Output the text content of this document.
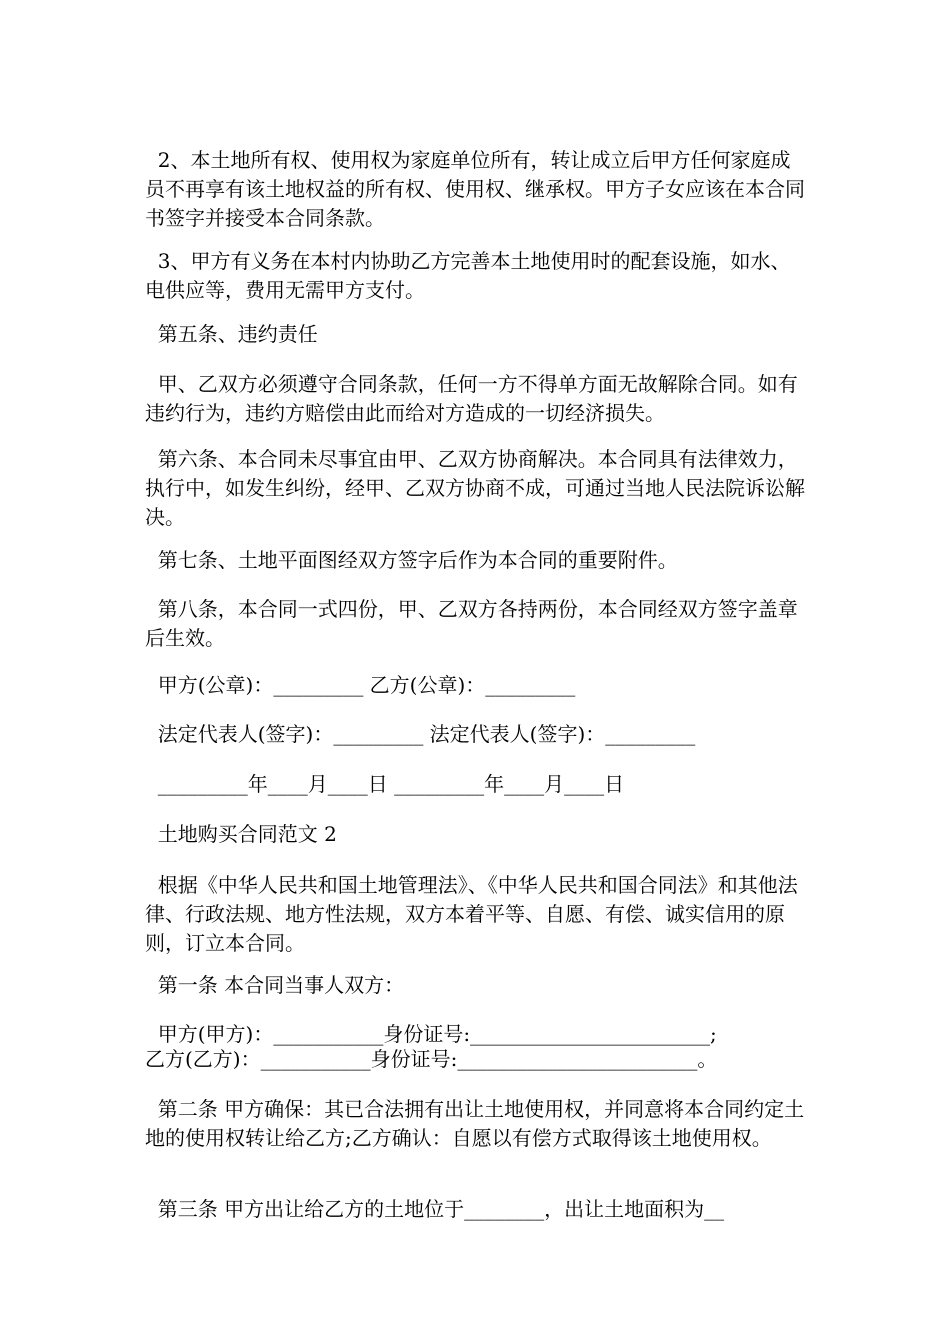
2、本土地所有权、使用权为家庭单位所有，转让成立后甲方任何家庭成员不再享有该土地权益的所有权、使用权、继承权。甲方子女应该在本合同书签字并接受本合同条款。

3、甲方有义务在本村内协助乙方完善本土地使用时的配套设施，如水、电供应等，费用无需甲方支付。

第五条、违约责任

甲、乙双方必须遵守合同条款，任何一方不得单方面无故解除合同。如有违约行为，违约方赔偿由此而给对方造成的一切经济损失。

第六条、本合同未尽事宜由甲、乙双方协商解决。本合同具有法律效力，执行中，如发生纠纷，经甲、乙双方协商不成，可通过当地人民法院诉讼解决。

第七条、土地平面图经双方签字后作为本合同的重要附件。

第八条，本合同一式四份，甲、乙双方各持两份，本合同经双方签字盖章后生效。

甲方(公章)：_________ 乙方(公章)：_________

法定代表人(签字)：_________ 法定代表人(签字)：_________

_________年____月____日 _________年____月____日

土地购买合同范文 2

根据《中华人民共和国土地管理法》、《中华人民共和国合同法》和其他法律、行政法规、地方性法规，双方本着平等、自愿、有偿、诚实信用的原则，订立本合同。

第一条 本合同当事人双方：

甲方(甲方)：___________身份证号:________________________;

乙方(乙方)：___________身份证号:________________________。

第二条 甲方确保：其已合法拥有出让土地使用权，并同意将本合同约定土地的使用权转让给乙方;乙方确认：自愿以有偿方式取得该土地使用权。

第三条 甲方出让给乙方的土地位于________，出让土地面积为__
